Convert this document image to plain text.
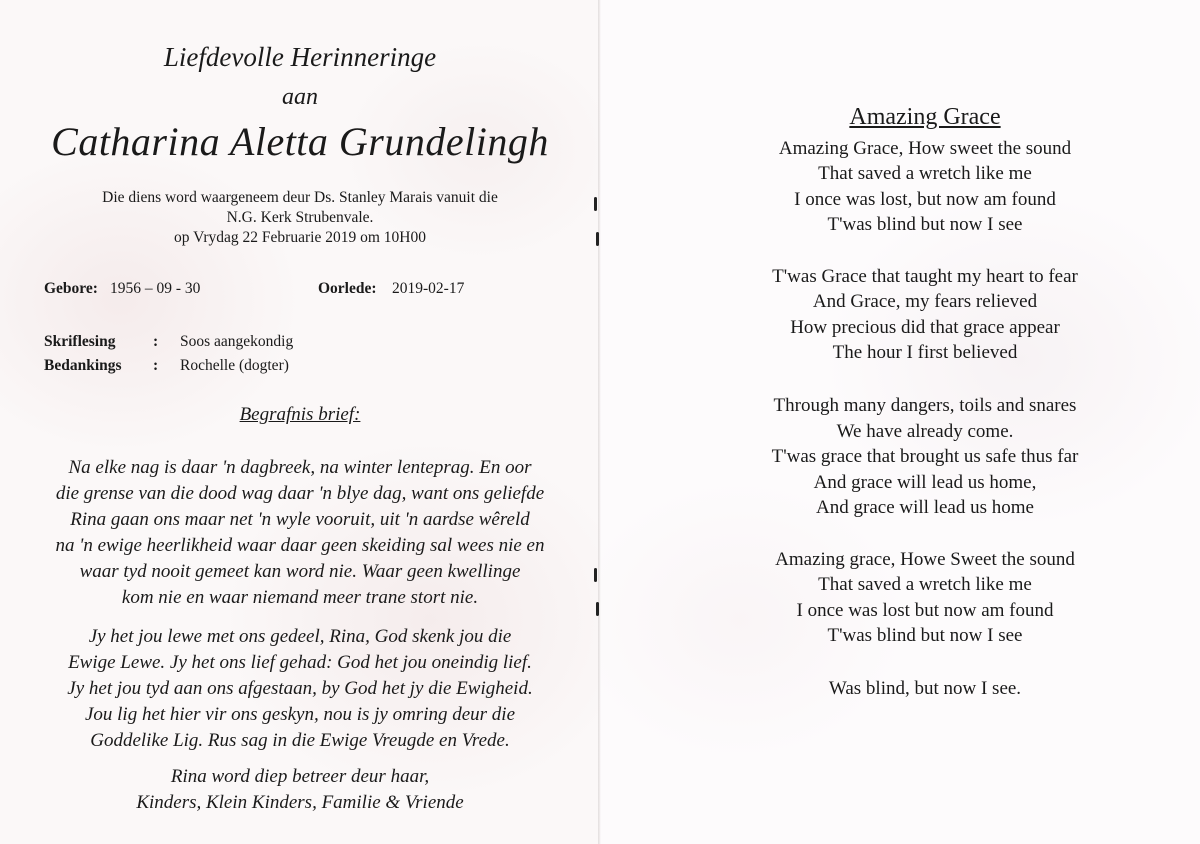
Liefdevolle Herinneringe
aan
Catharina Aletta Grundelingh
Die diens word waargeneem deur Ds. Stanley Marais vanuit die
N.G. Kerk Strubenvale.
op Vrydag 22 Februarie 2019 om 10H00
Gebore: 1956 – 09 - 30	Oorlede: 2019-02-17
Skriflesing : Soos aangekondig
Bedankings : Rochelle (dogter)
Begrafnis brief:
Na elke nag is daar 'n dagbreek, na winter lenteprag. En oor
die grense van die dood wag daar 'n blye dag, want ons geliefde
Rina gaan ons maar net 'n wyle vooruit, uit 'n aardse wêreld
na 'n ewige heerlikheid waar daar geen skeiding sal wees nie en
waar tyd nooit gemeet kan word nie. Waar geen kwellinge
kom nie en waar niemand meer trane stort nie.
Jy het jou lewe met ons gedeel, Rina, God skenk jou die
Ewige Lewe. Jy het ons lief gehad: God het jou oneindig lief.
Jy het jou tyd aan ons afgestaan, by God het jy die Ewigheid.
Jou lig het hier vir ons geskyn, nou is jy omring deur die
Goddelike Lig. Rus sag in die Ewige Vreugde en Vrede.
Rina word diep betreer deur haar,
Kinders, Klein Kinders, Familie & Vriende
Amazing Grace
Amazing Grace, How sweet the sound
That saved a wretch like me
I once was lost, but now am found
T'was blind but now I see
T'was Grace that taught my heart to fear
And Grace, my fears relieved
How precious did that grace appear
The hour I first believed
Through many dangers, toils and snares
We have already come.
T'was grace that brought us safe thus far
And grace will lead us home,
And grace will lead us home
Amazing grace, Howe Sweet the sound
That saved a wretch like me
I once was lost but now am found
T'was blind but now I see
Was blind, but now I see.
